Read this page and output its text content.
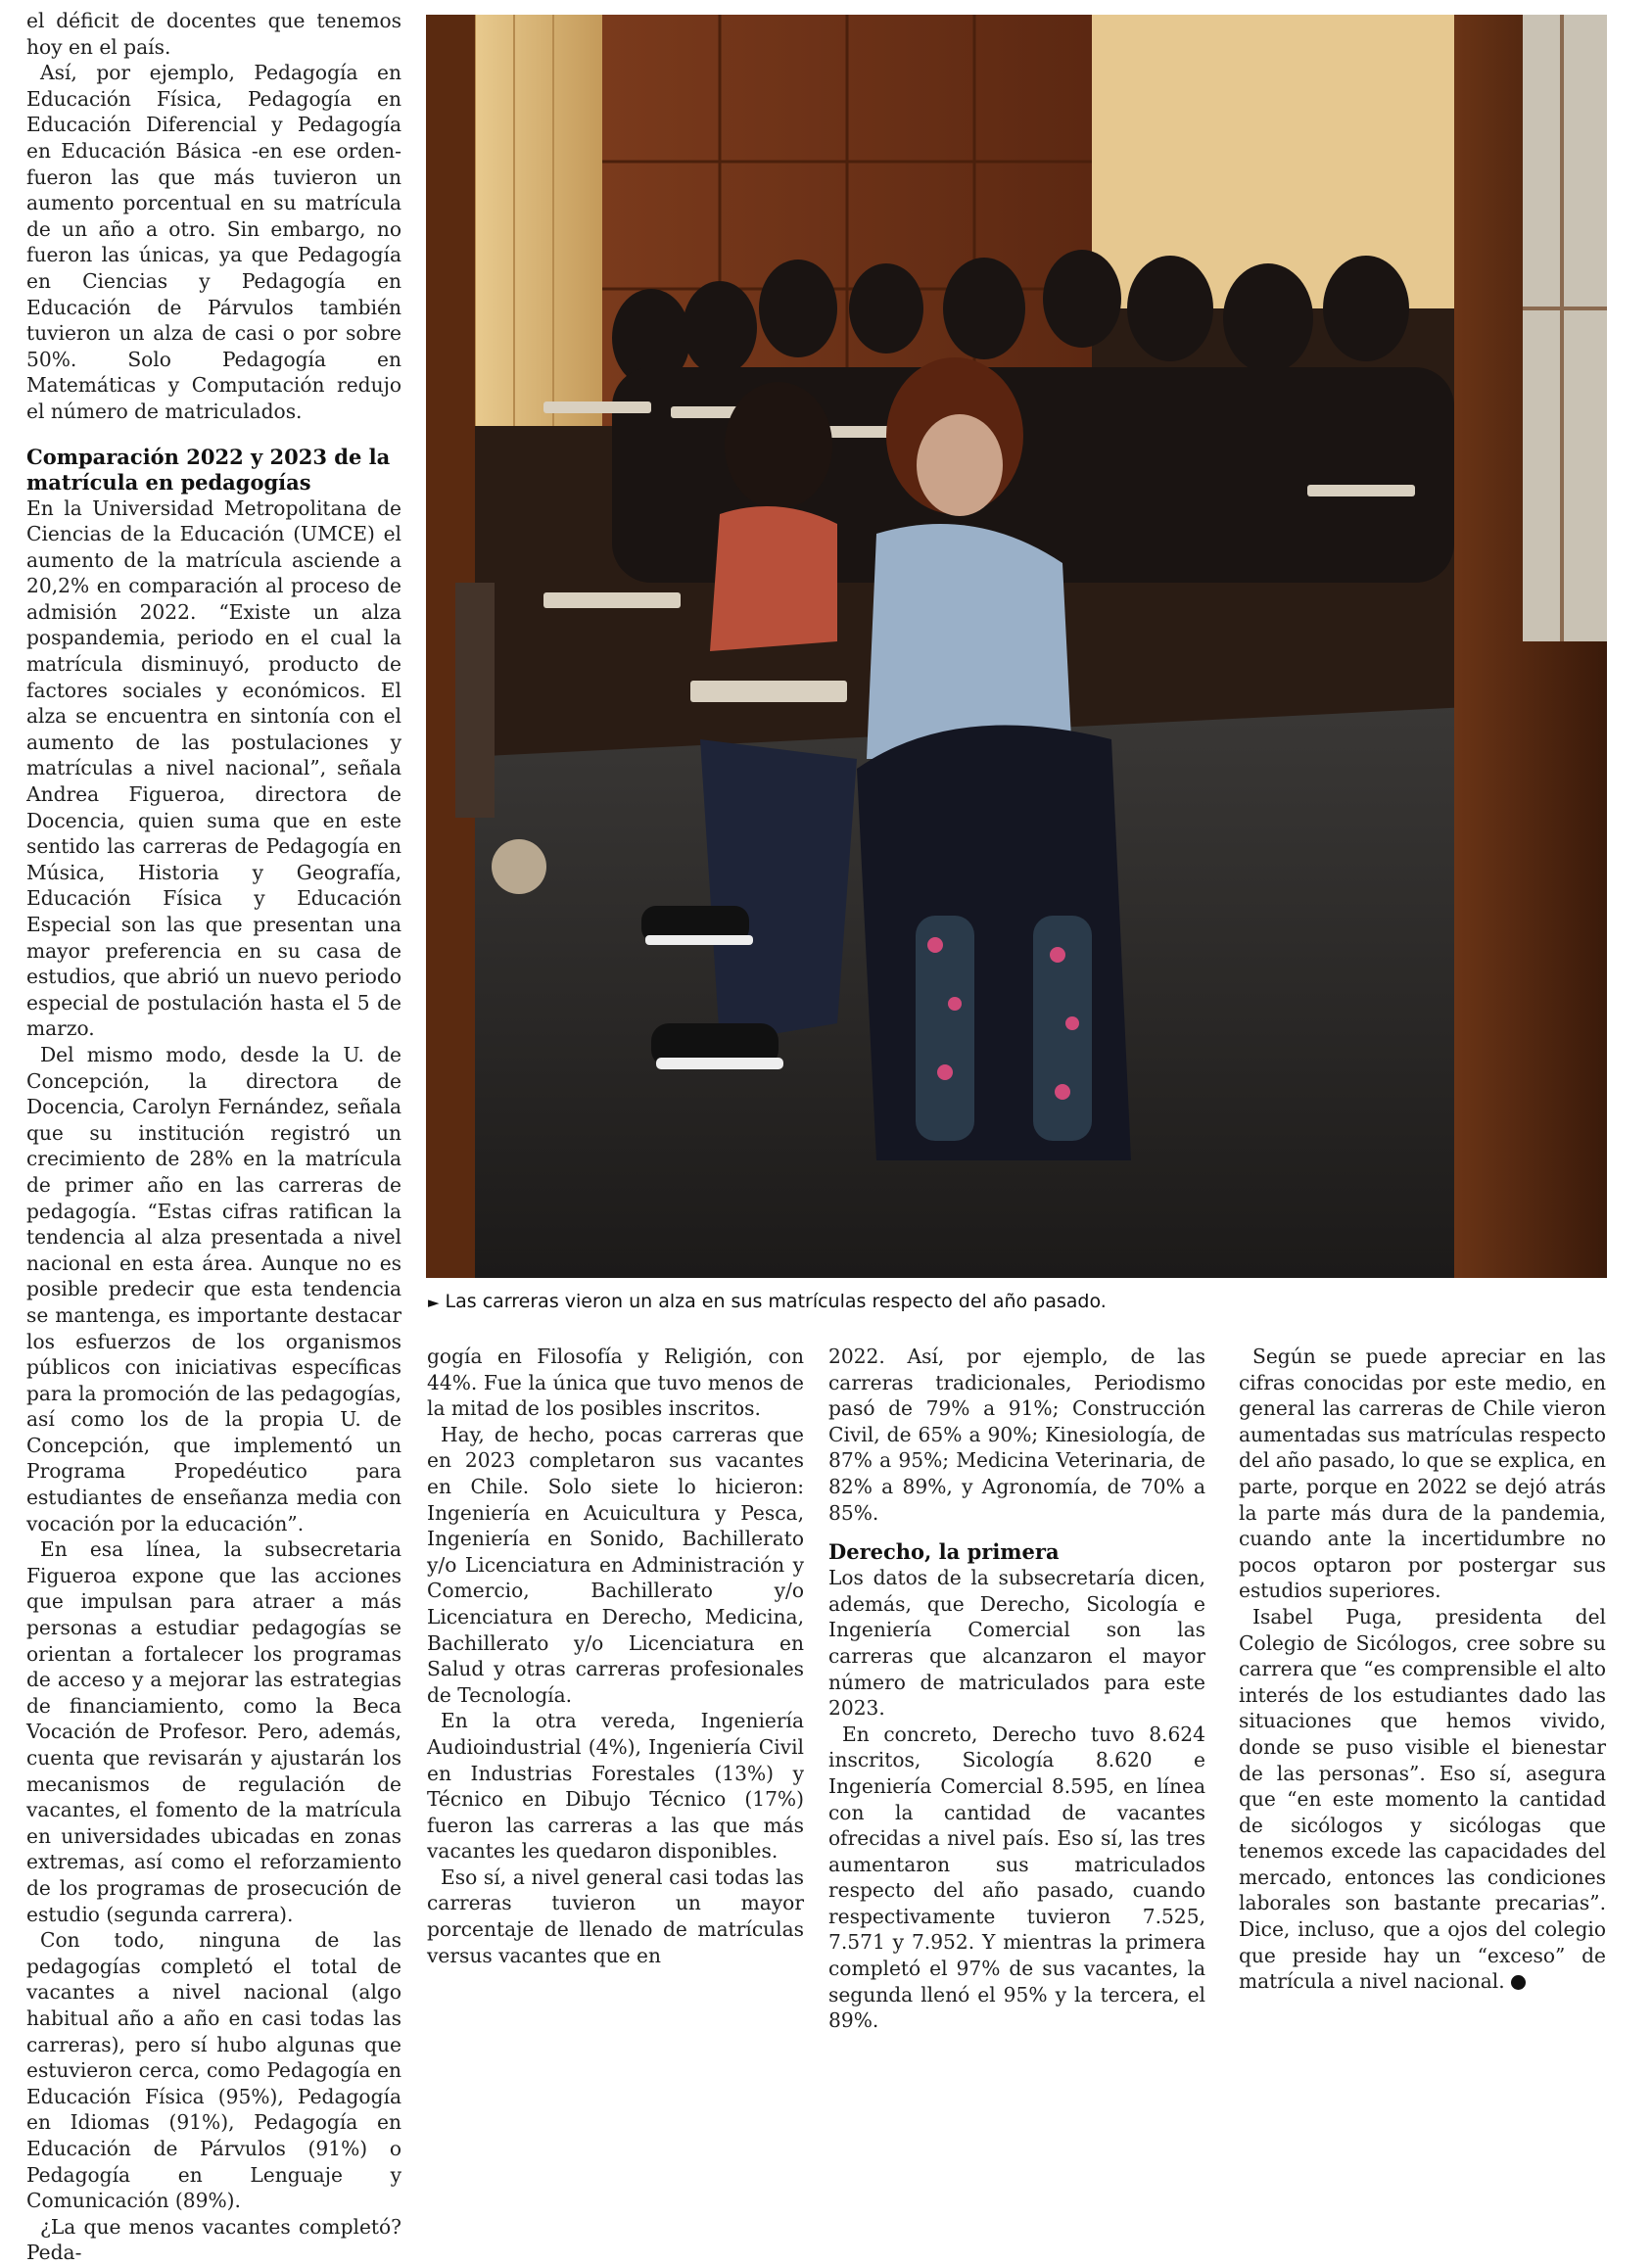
el déficit de docentes que tenemos hoy en el país.

Así, por ejemplo, Pedagogía en Educación Física, Pedagogía en Educación Diferencial y Pedagogía en Educación Básica -en ese orden- fueron las que más tuvieron un aumento porcentual en su matrícula de un año a otro. Sin embargo, no fueron las únicas, ya que Pedagogía en Ciencias y Pedagogía en Educación de Párvulos también tuvieron un alza de casi o por sobre 50%. Solo Pedagogía en Matemáticas y Computación redujo el número de matriculados.

Comparación 2022 y 2023 de la matrícula en pedagogías

En la Universidad Metropolitana de Ciencias de la Educación (UMCE) el aumento de la matrícula asciende a 20,2% en comparación al proceso de admisión 2022. “Existe un alza pospandemia, periodo en el cual la matrícula disminuyó, producto de factores sociales y económicos. El alza se encuentra en sintonía con el aumento de las postulaciones y matrículas a nivel nacional”, señala Andrea Figueroa, directora de Docencia, quien suma que en este sentido las carreras de Pedagogía en Música, Historia y Geografía, Educación Física y Educación Especial son las que presentan una mayor preferencia en su casa de estudios, que abrió un nuevo periodo especial de postulación hasta el 5 de marzo.

Del mismo modo, desde la U. de Concepción, la directora de Docencia, Carolyn Fernández, señala que su institución registró un crecimiento de 28% en la matrícula de primer año en las carreras de pedagogía. “Estas cifras ratifican la tendencia al alza presentada a nivel nacional en esta área. Aunque no es posible predecir que esta tendencia se mantenga, es importante destacar los esfuerzos de los organismos públicos con iniciativas específicas para la promoción de las pedagogías, así como los de la propia U. de Concepción, que implementó un Programa Propedéutico para estudiantes de enseñanza media con vocación por la educación”.

En esa línea, la subsecretaria Figueroa expone que las acciones que impulsan para atraer a más personas a estudiar pedagogías se orientan a fortalecer los programas de acceso y a mejorar las estrategias de financiamiento, como la Beca Vocación de Profesor. Pero, además, cuenta que revisarán y ajustarán los mecanismos de regulación de vacantes, el fomento de la matrícula en universidades ubicadas en zonas extremas, así como el reforzamiento de los programas de prosecución de estudio (segunda carrera).

Con todo, ninguna de las pedagogías completó el total de vacantes a nivel nacional (algo habitual año a año en casi todas las carreras), pero sí hubo algunas que estuvieron cerca, como Pedagogía en Educación Física (95%), Pedagogía en Idiomas (91%), Pedagogía en Educación de Párvulos (91%) o Pedagogía en Lenguaje y Comunicación (89%).

¿La que menos vacantes completó? Peda-

► Las carreras vieron un alza en sus matrículas respecto del año pasado.

gogía en Filosofía y Religión, con 44%. Fue la única que tuvo menos de la mitad de los posibles inscritos.

Hay, de hecho, pocas carreras que en 2023 completaron sus vacantes en Chile. Solo siete lo hicieron: Ingeniería en Acuicultura y Pesca, Ingeniería en Sonido, Bachillerato y/o Licenciatura en Administración y Comercio, Bachillerato y/o Licenciatura en Derecho, Medicina, Bachillerato y/o Licenciatura en Salud y otras carreras profesionales de Tecnología.

En la otra vereda, Ingeniería Audioindustrial (4%), Ingeniería Civil en Industrias Forestales (13%) y Técnico en Dibujo Técnico (17%) fueron las carreras a las que más vacantes les quedaron disponibles.

Eso sí, a nivel general casi todas las carreras tuvieron un mayor porcentaje de llenado de matrículas versus vacantes que en

2022. Así, por ejemplo, de las carreras tradicionales, Periodismo pasó de 79% a 91%; Construcción Civil, de 65% a 90%; Kinesiología, de 87% a 95%; Medicina Veterinaria, de 82% a 89%, y Agronomía, de 70% a 85%.

Derecho, la primera

Los datos de la subsecretaría dicen, además, que Derecho, Sicología e Ingeniería Comercial son las carreras que alcanzaron el mayor número de matriculados para este 2023.

En concreto, Derecho tuvo 8.624 inscritos, Sicología 8.620 e Ingeniería Comercial 8.595, en línea con la cantidad de vacantes ofrecidas a nivel país. Eso sí, las tres aumentaron sus matriculados respecto del año pasado, cuando respectivamente tuvieron 7.525, 7.571 y 7.952. Y mientras la primera completó el 97% de sus vacantes, la segunda llenó el 95% y la tercera, el 89%.

Según se puede apreciar en las cifras conocidas por este medio, en general las carreras de Chile vieron aumentadas sus matrículas respecto del año pasado, lo que se explica, en parte, porque en 2022 se dejó atrás la parte más dura de la pandemia, cuando ante la incertidumbre no pocos optaron por postergar sus estudios superiores.

Isabel Puga, presidenta del Colegio de Sicólogos, cree sobre su carrera que “es comprensible el alto interés de los estudiantes dado las situaciones que hemos vivido, donde se puso visible el bienestar de las personas”. Eso sí, asegura que “en este momento la cantidad de sicólogos y sicólogas que tenemos excede las capacidades del mercado, entonces las condiciones laborales son bastante precarias”. Dice, incluso, que a ojos del colegio que preside hay un “exceso” de matrícula a nivel nacional.
